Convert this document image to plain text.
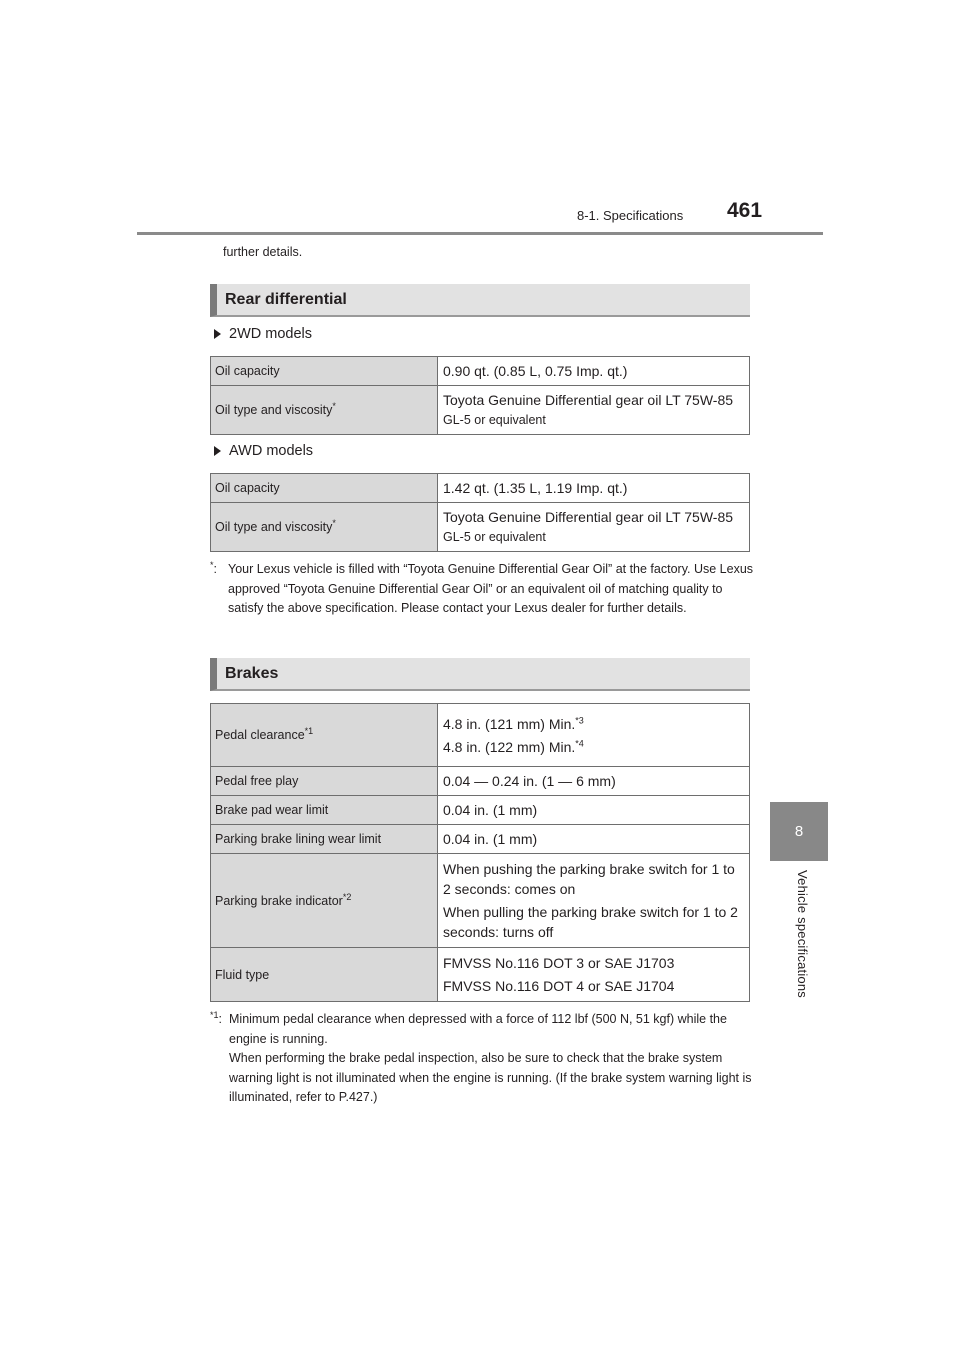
8-1. Specifications 461
8
Vehicle specifications
further details.
Rear differential
2WD models
Oil capacity	0.90 qt. (0.85 L, 0.75 Imp. qt.)
Oil type and viscosity*	Toyota Genuine Differential gear oil LT 75W-85
GL-5 or equivalent
AWD models
Oil capacity	1.42 qt. (1.35 L, 1.19 Imp. qt.)
Oil type and viscosity*	Toyota Genuine Differential gear oil LT 75W-85
GL-5 or equivalent
*: Your Lexus vehicle is filled with “Toyota Genuine Differential Gear Oil” at the factory. Use Lexus approved “Toyota Genuine Differential Gear Oil” or an equivalent oil of matching quality to satisfy the above specification. Please contact your Lexus dealer for further details.
Brakes
Pedal clearance$^{*1}$	4.8 in. (121 mm) Min.$^{*3}$

4.8 in. (122 mm) Min.$^{*4}$

Pedal free play	0.04 — 0.24 in. (1 — 6 mm)
Brake pad wear limit	0.04 in. (1 mm)
Parking brake lining wear limit	0.04 in. (1 mm)
Parking brake indicator$^{*2}$	When pushing the parking brake switch for 1 to 2 seconds: comes on

When pulling the parking brake switch for 1 to 2 seconds: turns off

Fluid type	FMVSS No.116 DOT 3 or SAE J1703

FMVSS No.116 DOT 4 or SAE J1704

$^{*1}$: Minimum pedal clearance when depressed with a force of 112 lbf (500 N, 51 kgf) while the engine is running.
When performing the brake pedal inspection, also be sure to check that the brake system warning light is not illuminated when the engine is running. (If the brake system warning light is illuminated, refer to P.427.)
